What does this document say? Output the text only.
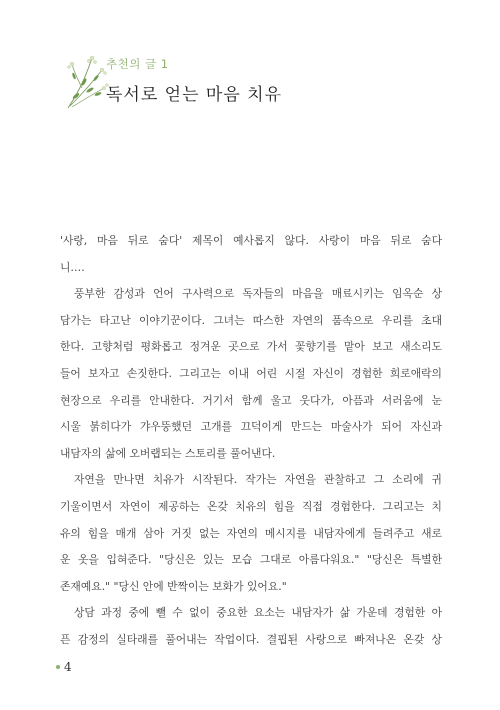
추천의 글 1
독서로 얻는 마음 치유
'사랑, 마음 뒤로 숨다' 제목이 예사롭지 않다. 사랑이 마음 뒤로 숨다
니….
풍부한 감성과 언어 구사력으로 독자들의 마음을 매료시키는 임옥순 상
담가는 타고난 이야기꾼이다. 그녀는 따스한 자연의 품속으로 우리를 초대
한다. 고향처럼 평화롭고 정겨운 곳으로 가서 꽃향기를 맡아 보고 새소리도
들어 보자고 손짓한다. 그리고는 이내 어린 시절 자신이 경험한 희로애락의
현장으로 우리를 안내한다. 거기서 함께 울고 웃다가, 아픔과 서러움에 눈
시울 붉히다가 갸우뚱했던 고개를 끄덕이게 만드는 마술사가 되어 자신과
내담자의 삶에 오버랩되는 스토리를 풀어낸다.
자연을 만나면 치유가 시작된다. 작가는 자연을 관찰하고 그 소리에 귀
기울이면서 자연이 제공하는 온갖 치유의 힘을 직접 경험한다. 그리고는 치
유의 힘을 매개 삼아 거짓 없는 자연의 메시지를 내담자에게 들려주고 새로
운 옷을 입혀준다. "당신은 있는 모습 그대로 아름다워요." "당신은 특별한
존재예요." "당신 안에 반짝이는 보화가 있어요."
상담 과정 중에 뺄 수 없이 중요한 요소는 내담자가 삶 가운데 경험한 아
픈 감정의 실타래를 풀어내는 작업이다. 결핍된 사랑으로 빠져나온 온갖 상
4
